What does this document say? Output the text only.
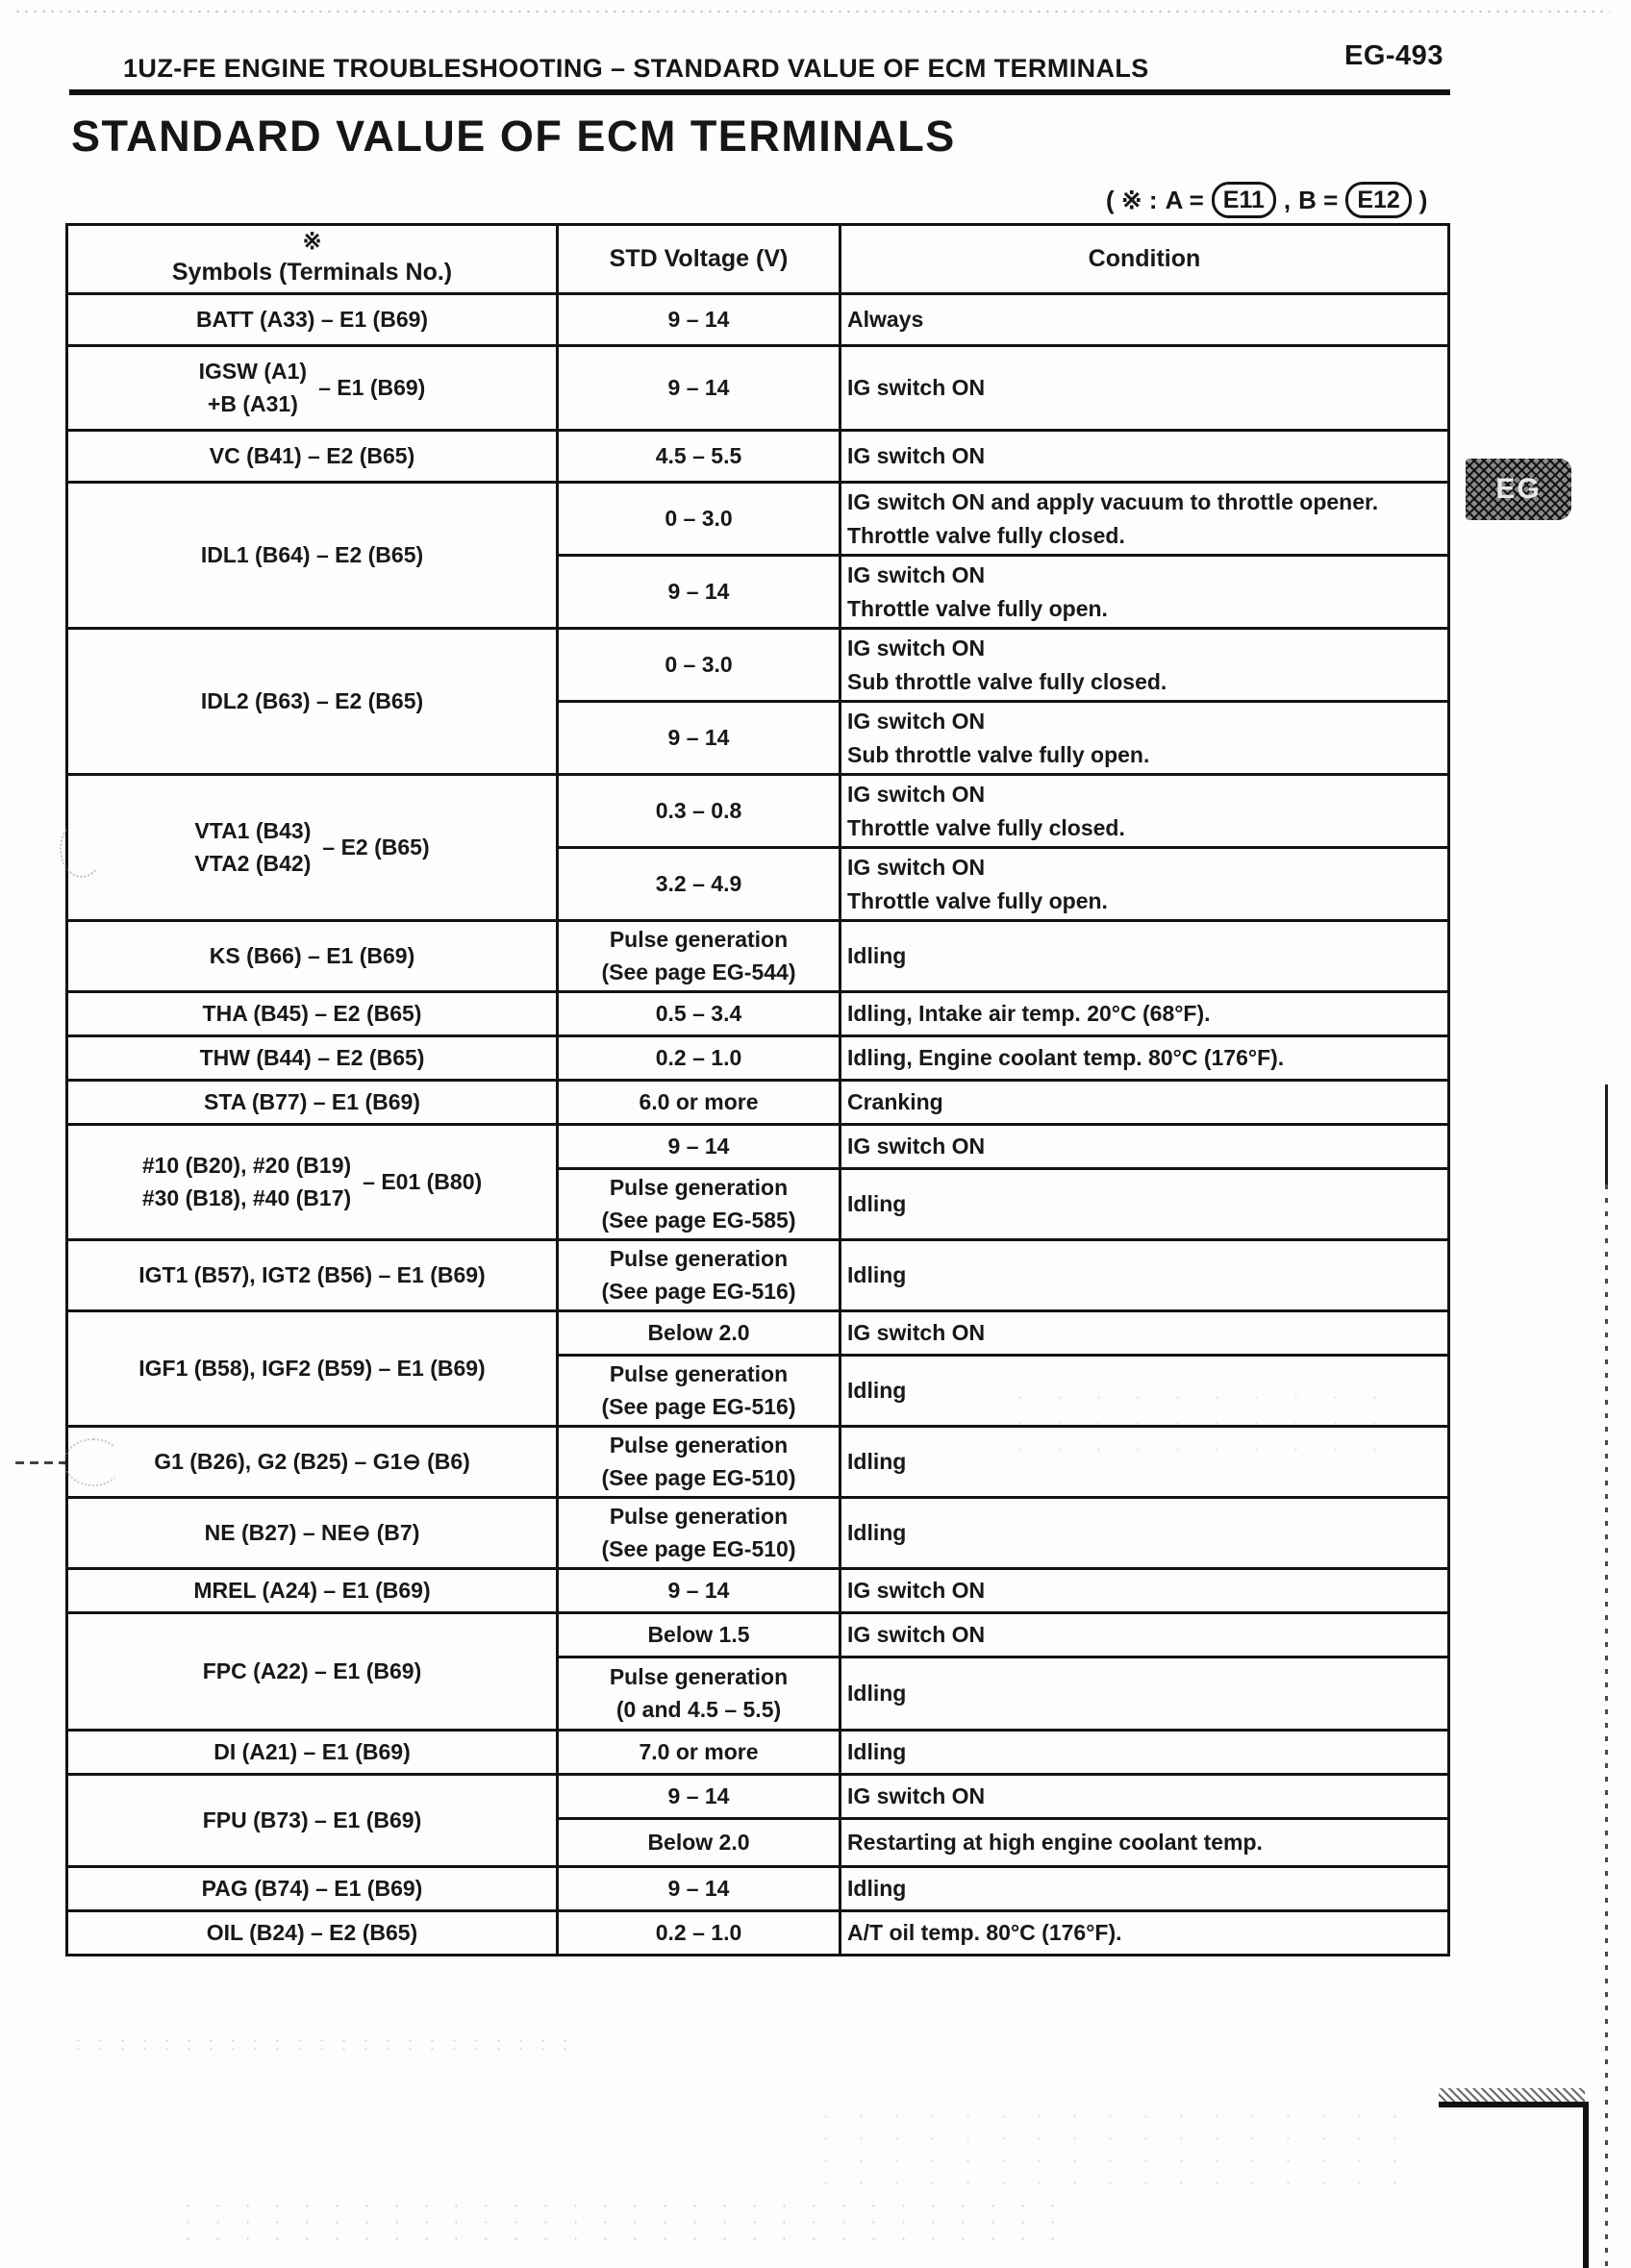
1UZ-FE ENGINE TROUBLESHOOTING – STANDARD VALUE OF ECM TERMINALS	EG-493
STANDARD VALUE OF ECM TERMINALS
( ※ : A = E11 , B = E12 )
EG
※
Symbols (Terminals No.)	STD Voltage (V)	Condition
BATT (A33) – E1 (B69)	9 – 14	Always

IGSW (A1)
+B (A31)
– E1 (B69)	9 – 14	IG switch ON
VC (B41) – E2 (B65)	4.5 – 5.5	IG switch ON
IDL1 (B64) – E2 (B65)	0 – 3.0	IG switch ON and apply vacuum to throttle opener.
Throttle valve fully closed.

	9 – 14	IG switch ON
Throttle valve fully open.

IDL2 (B63) – E2 (B65)	0 – 3.0	IG switch ON
Sub throttle valve fully closed.

	9 – 14	IG switch ON
Sub throttle valve fully open.

VTA1 (B43)
VTA2 (B42)
– E2 (B65)	0.3 – 0.8	IG switch ON
Throttle valve fully closed.

	3.2 – 4.9	IG switch ON
Throttle valve fully open.

KS (B66) – E1 (B69)	Pulse generation
(See page EG-544)	Idling
THA (B45) – E2 (B65)	0.5 – 3.4	Idling, Intake air temp. 20°C (68°F).
THW (B44) – E2 (B65)	0.2 – 1.0	Idling, Engine coolant temp. 80°C (176°F).
STA (B77) – E1 (B69)	6.0 or more	Cranking

#10 (B20), #20 (B19)
#30 (B18), #40 (B17)
– E01 (B80)	9 – 14	IG switch ON

	Pulse generation
(See page EG-585)	Idling
IGT1 (B57), IGT2 (B56) – E1 (B69)	Pulse generation
(See page EG-516)	Idling
IGF1 (B58), IGF2 (B59) – E1 (B69)	Below 2.0	IG switch ON

	Pulse generation
(See page EG-516)	Idling
G1 (B26), G2 (B25) – G1⊖ (B6)	Pulse generation
(See page EG-510)	Idling
NE (B27) – NE⊖ (B7)	Pulse generation
(See page EG-510)	Idling
MREL (A24) – E1 (B69)	9 – 14	IG switch ON
FPC (A22) – E1 (B69)	Below 1.5	IG switch ON

	Pulse generation
(0 and 4.5 – 5.5)	Idling
DI (A21) – E1 (B69)	7.0 or more	Idling
FPU (B73) – E1 (B69)	9 – 14	IG switch ON
	Below 2.0	Restarting at high engine coolant temp.
PAG (B74) – E1 (B69)	9 – 14	Idling
OIL (B24) – E2 (B65)	0.2 – 1.0	A/T oil temp. 80°C (176°F).
